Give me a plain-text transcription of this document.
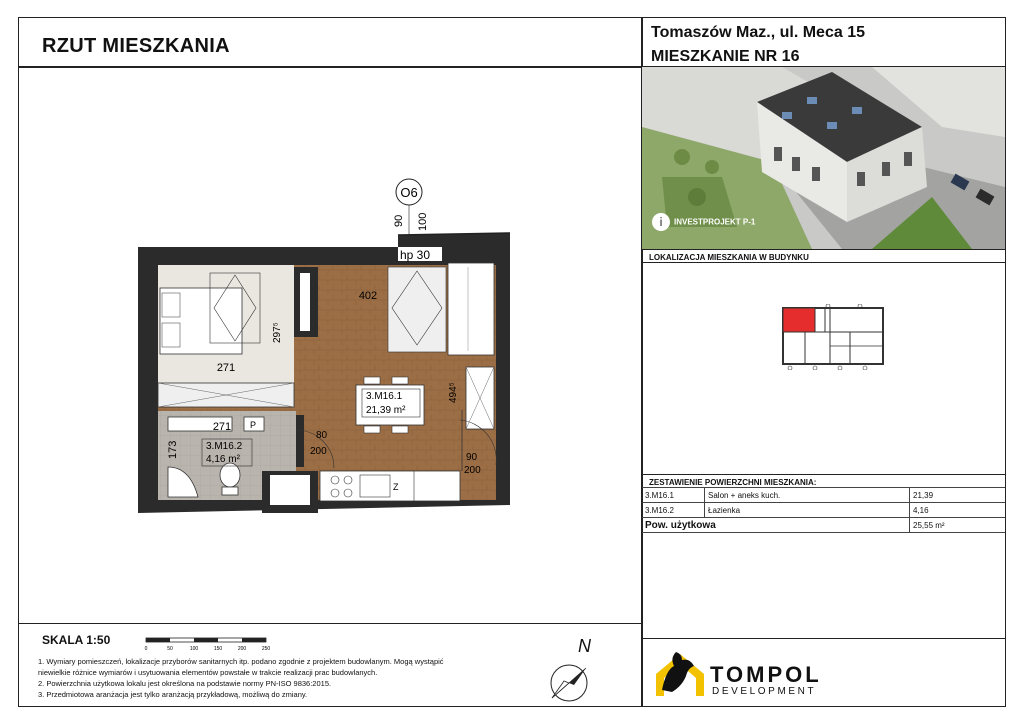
RZUT MIESZKANIA
Tomaszów Maz., ul. Meca 15
MIESZKANIE NR 16
i INVESTPROJEKT P-1
LOKALIZACJA MIESZKANIA W BUDYNKU
ZESTAWIENIE POWIERZCHNI MIESZKANIA:
3.M16.1	Salon + aneks kuch.	21,39
3.M16.2	Łazienka	4,16
Pow. użytkowa		25,55 m²
O6
100
90
hp 30
402
271
297⁵
494⁵
271
173
80
200
90
200
P
Z
3.M16.1
21,39 m²
3.M16.2
4,16 m²
SKALA 1:50
0	50	100	150	200	250
1. Wymiary pomieszczeń, lokalizacje przyborów sanitarnych itp. podano zgodnie z projektem budowlanym. Mogą wystąpić
niewielkie różnice wymiarów i usytuowania elementów powstałe w trakcie realizacji prac budowlanych.
2. Powierzchnia użytkowa lokalu jest określona na podstawie normy PN-ISO 9836:2015.
3. Przedmiotowa aranżacja jest tylko aranżacją przykładową, możliwą do zmiany.
N
TOMPOL
DEVELOPMENT
